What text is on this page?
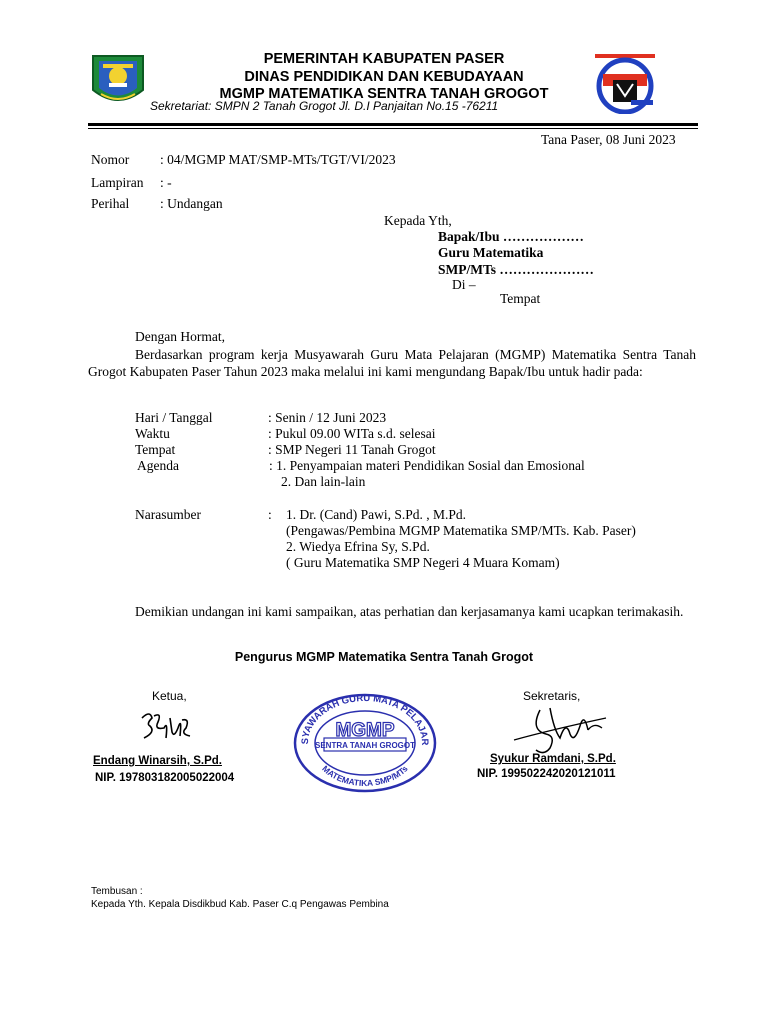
PEMERINTAH KABUPATEN PASER
DINAS PENDIDIKAN DAN KEBUDAYAAN
MGMP MATEMATIKA SENTRA TANAH GROGOT
Sekretariat: SMPN 2 Tanah Grogot Jl. D.I Panjaitan No.15 -76211
Tana Paser, 08 Juni 2023
Nomor : 04/MGMP MAT/SMP-MTs/TGT/VI/2023
Lampiran : -
Perihal : Undangan
Kepada Yth,
Bapak/Ibu ………………
Guru Matematika
SMP/MTs …………………
Di –
Tempat
Dengan Hormat,
Berdasarkan program kerja Musyawarah Guru Mata Pelajaran (MGMP) Matematika Sentra Tanah Grogot Kabupaten Paser Tahun 2023 maka melalui ini kami mengundang Bapak/Ibu untuk hadir pada:
Hari / Tanggal	: Senin / 12 Juni 2023
Waktu	: Pukul 09.00 WITa s.d. selesai
Tempat	: SMP Negeri 11 Tanah Grogot
Agenda	: 1. Penyampaian materi Pendidikan Sosial dan Emosional
2. Dan lain-lain
Narasumber	: 1. Dr. (Cand) Pawi, S.Pd. , M.Pd.
(Pengawas/Pembina MGMP Matematika SMP/MTs. Kab. Paser)
2. Wiedya Efrina Sy, S.Pd.
( Guru Matematika SMP Negeri 4 Muara Komam)
Demikian undangan ini kami sampaikan, atas perhatian dan kerjasamanya kami ucapkan terimakasih.
Pengurus MGMP Matematika Sentra Tanah Grogot
Ketua,
Endang Winarsih, S.Pd.
NIP. 197803182005022004
SYAWARAH GURU MATA PELAJAR
MATEMATIKA SMP/MTs
MGMP
SENTRA TANAH GROGOT
Sekretaris,
Syukur Ramdani, S.Pd.
NIP. 199502242020121011
Tembusan :
Kepada Yth. Kepala Disdikbud Kab. Paser C.q Pengawas Pembina
